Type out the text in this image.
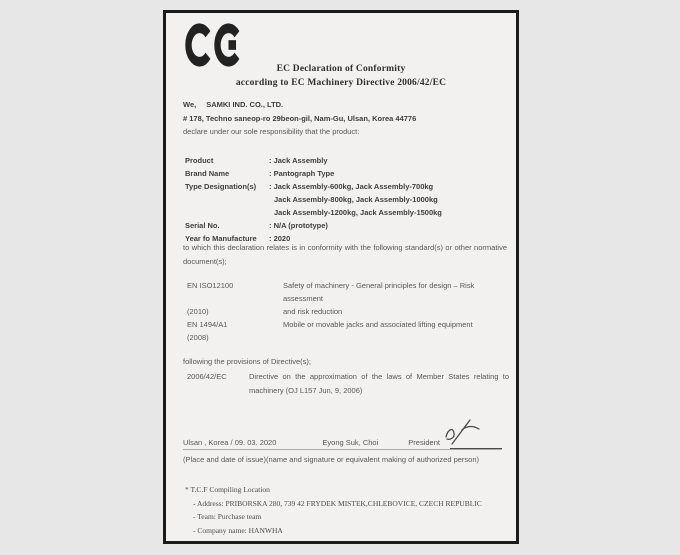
EC Declaration of Conformity
according to EC Machinery Directive 2006/42/EC
We, SAMKI IND. CO., LTD.
# 178, Techno saneop-ro 29beon-gil, Nam-Gu, Ulsan, Korea 44776
declare under our sole responsibility that the product:
Product	: Jack Assembly
Brand Name	: Pantograph Type
Type Designation(s)	: Jack Assembly-600kg, Jack Assembly-700kg
Jack Assembly-800kg, Jack Assembly-1000kg
Jack Assembly-1200kg, Jack Assembly-1500kg
Serial No.	: N/A (prototype)
Year fo Manufacture	: 2020
to which this declaration relates is in conformity with the following standard(s) or other normative document(s);
EN ISO12100	Safety of machinery - General principles for design – Risk assessment
(2010)	and risk reduction
EN 1494/A1	Mobile or movable jacks and associated lifting equipment
(2008)
following the provisions of Directive(s);
2006/42/EC	Directive on the approximation of the laws of Member States relating to machinery (OJ L157 Jun, 9, 2006)
Ulsan , Korea / 09. 03. 2020	Eyong Suk, Choi	President
(Place and date of issue)(name and signature or equivalent making of authorized person)
* T.C.F Compiling Location
- Address: PRIBORSKA 280, 739 42 FRYDEK MISTEK,CHLEBOVICE, CZECH REPUBLIC
- Team: Purchase team
- Company name: HANWHA
